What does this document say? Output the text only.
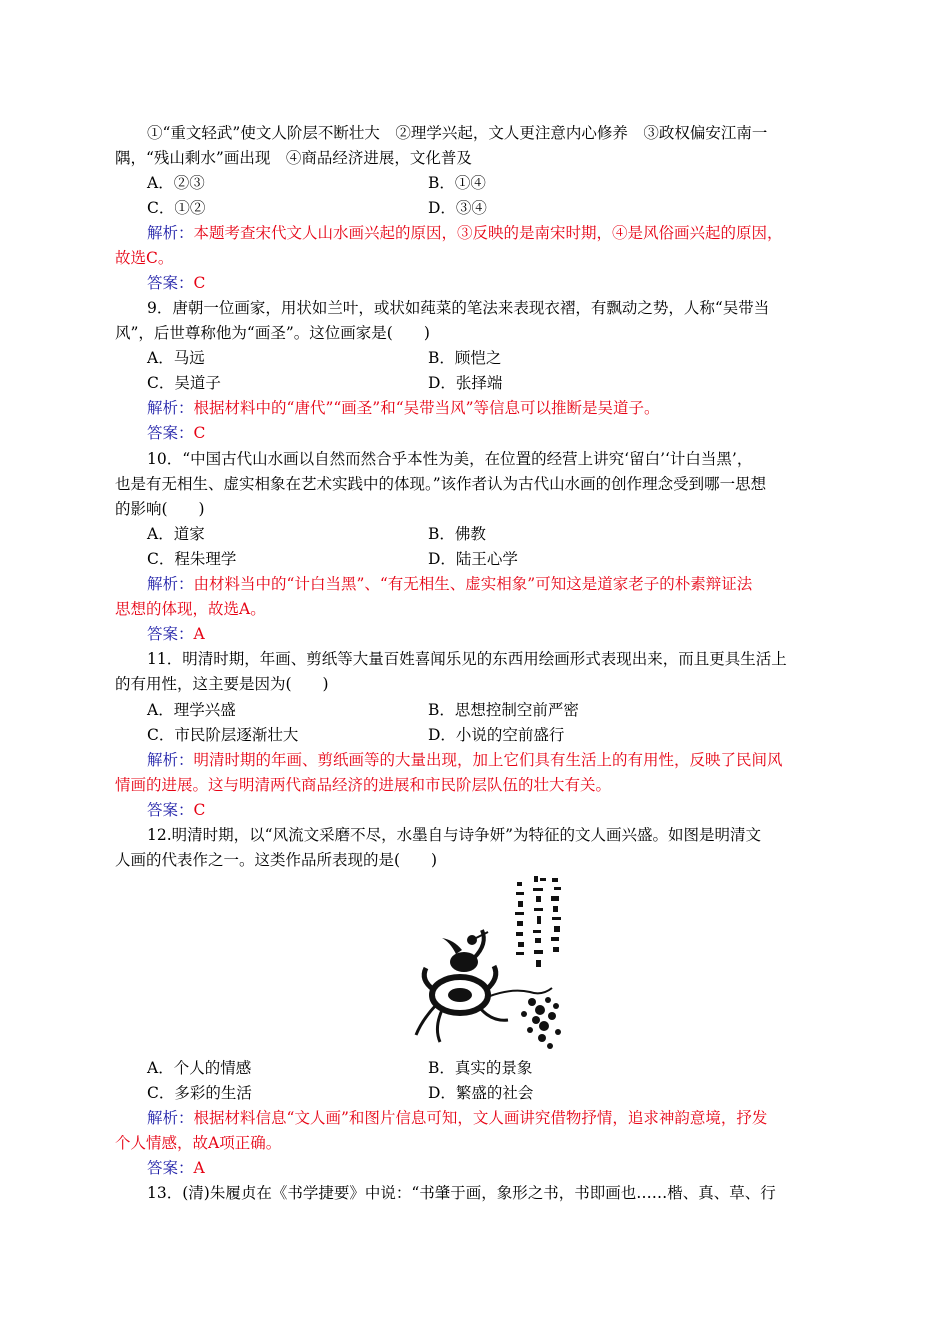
①“重文轻武”使文人阶层不断壮大　②理学兴起，文人更注意内心修养　③政权偏安江南一
隅，“残山剩水”画出现　④商品经济进展，文化普及
A．②③	B．①④
C．①②	D．③④
解析：本题考查宋代文人山水画兴起的原因，③反映的是南宋时期，④是风俗画兴起的原因，
故选C。
答案：C
9．唐朝一位画家，用状如兰叶，或状如莼菜的笔法来表现衣褶，有飘动之势，人称“吴带当
风”，后世尊称他为“画圣”。这位画家是(　　)
A．马远	B．顾恺之
C．吴道子	D．张择端
解析：根据材料中的“唐代”“画圣”和“吴带当风”等信息可以推断是吴道子。
答案：C
10．“中国古代山水画以自然而然合乎本性为美，在位置的经营上讲究‘留白’‘计白当黑’，
也是有无相生、虚实相象在艺术实践中的体现。”该作者认为古代山水画的创作理念受到哪一思想
的影响(　　)
A．道家	B．佛教
C．程朱理学	D．陆王心学
解析：由材料当中的“计白当黑”、“有无相生、虚实相象”可知这是道家老子的朴素辩证法
思想的体现，故选A。
答案：A
11．明清时期，年画、剪纸等大量百姓喜闻乐见的东西用绘画形式表现出来，而且更具生活上
的有用性，这主要是因为(　　)
A．理学兴盛	B．思想控制空前严密
C．市民阶层逐渐壮大	D．小说的空前盛行
解析：明清时期的年画、剪纸画等的大量出现，加上它们具有生活上的有用性，反映了民间风
情画的进展。这与明清两代商品经济的进展和市民阶层队伍的壮大有关。
答案：C
12.明清时期，以“风流文采磨不尽，水墨自与诗争妍”为特征的文人画兴盛。如图是明清文
人画的代表作之一。这类作品所表现的是(　　)
A．个人的情感	B．真实的景象
C．多彩的生活	D．繁盛的社会
解析：根据材料信息“文人画”和图片信息可知，文人画讲究借物抒情，追求神韵意境，抒发
个人情感，故A项正确。
答案：A
13．(清)朱履贞在《书学捷要》中说：“书肇于画，象形之书，书即画也……楷、真、草、行
